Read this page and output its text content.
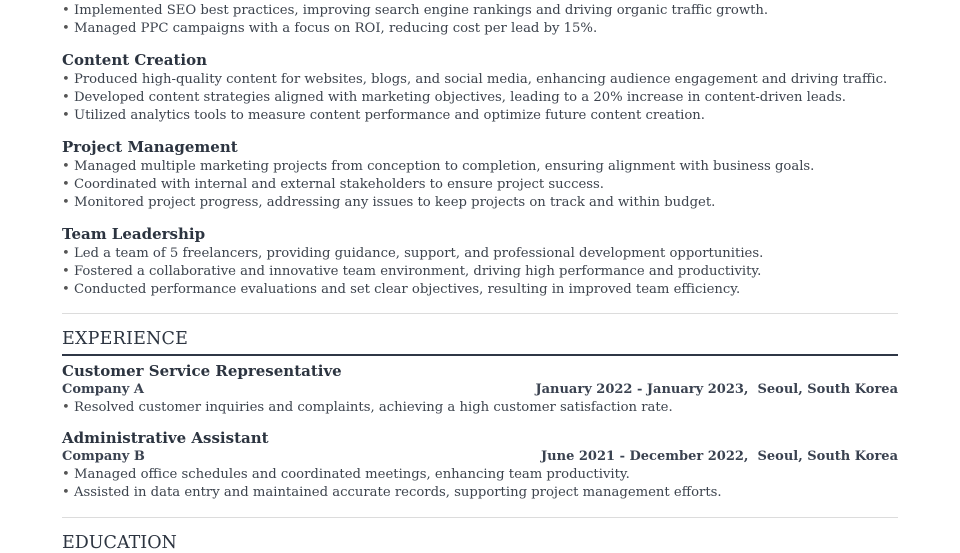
• Implemented SEO best practices, improving search engine rankings and driving organic traffic growth.
• Managed PPC campaigns with a focus on ROI, reducing cost per lead by 15%.
Content Creation
• Produced high-quality content for websites, blogs, and social media, enhancing audience engagement and driving traffic.
• Developed content strategies aligned with marketing objectives, leading to a 20% increase in content-driven leads.
• Utilized analytics tools to measure content performance and optimize future content creation.
Project Management
• Managed multiple marketing projects from conception to completion, ensuring alignment with business goals.
• Coordinated with internal and external stakeholders to ensure project success.
• Monitored project progress, addressing any issues to keep projects on track and within budget.
Team Leadership
• Led a team of 5 freelancers, providing guidance, support, and professional development opportunities.
• Fostered a collaborative and innovative team environment, driving high performance and productivity.
• Conducted performance evaluations and set clear objectives, resulting in improved team efficiency.
EXPERIENCE
Customer Service Representative
Company A	January 2022 - January 2023,  Seoul, South Korea
• Resolved customer inquiries and complaints, achieving a high customer satisfaction rate.
Administrative Assistant
Company B	June 2021 - December 2022,  Seoul, South Korea
• Managed office schedules and coordinated meetings, enhancing team productivity.
• Assisted in data entry and maintained accurate records, supporting project management efforts.
EDUCATION
